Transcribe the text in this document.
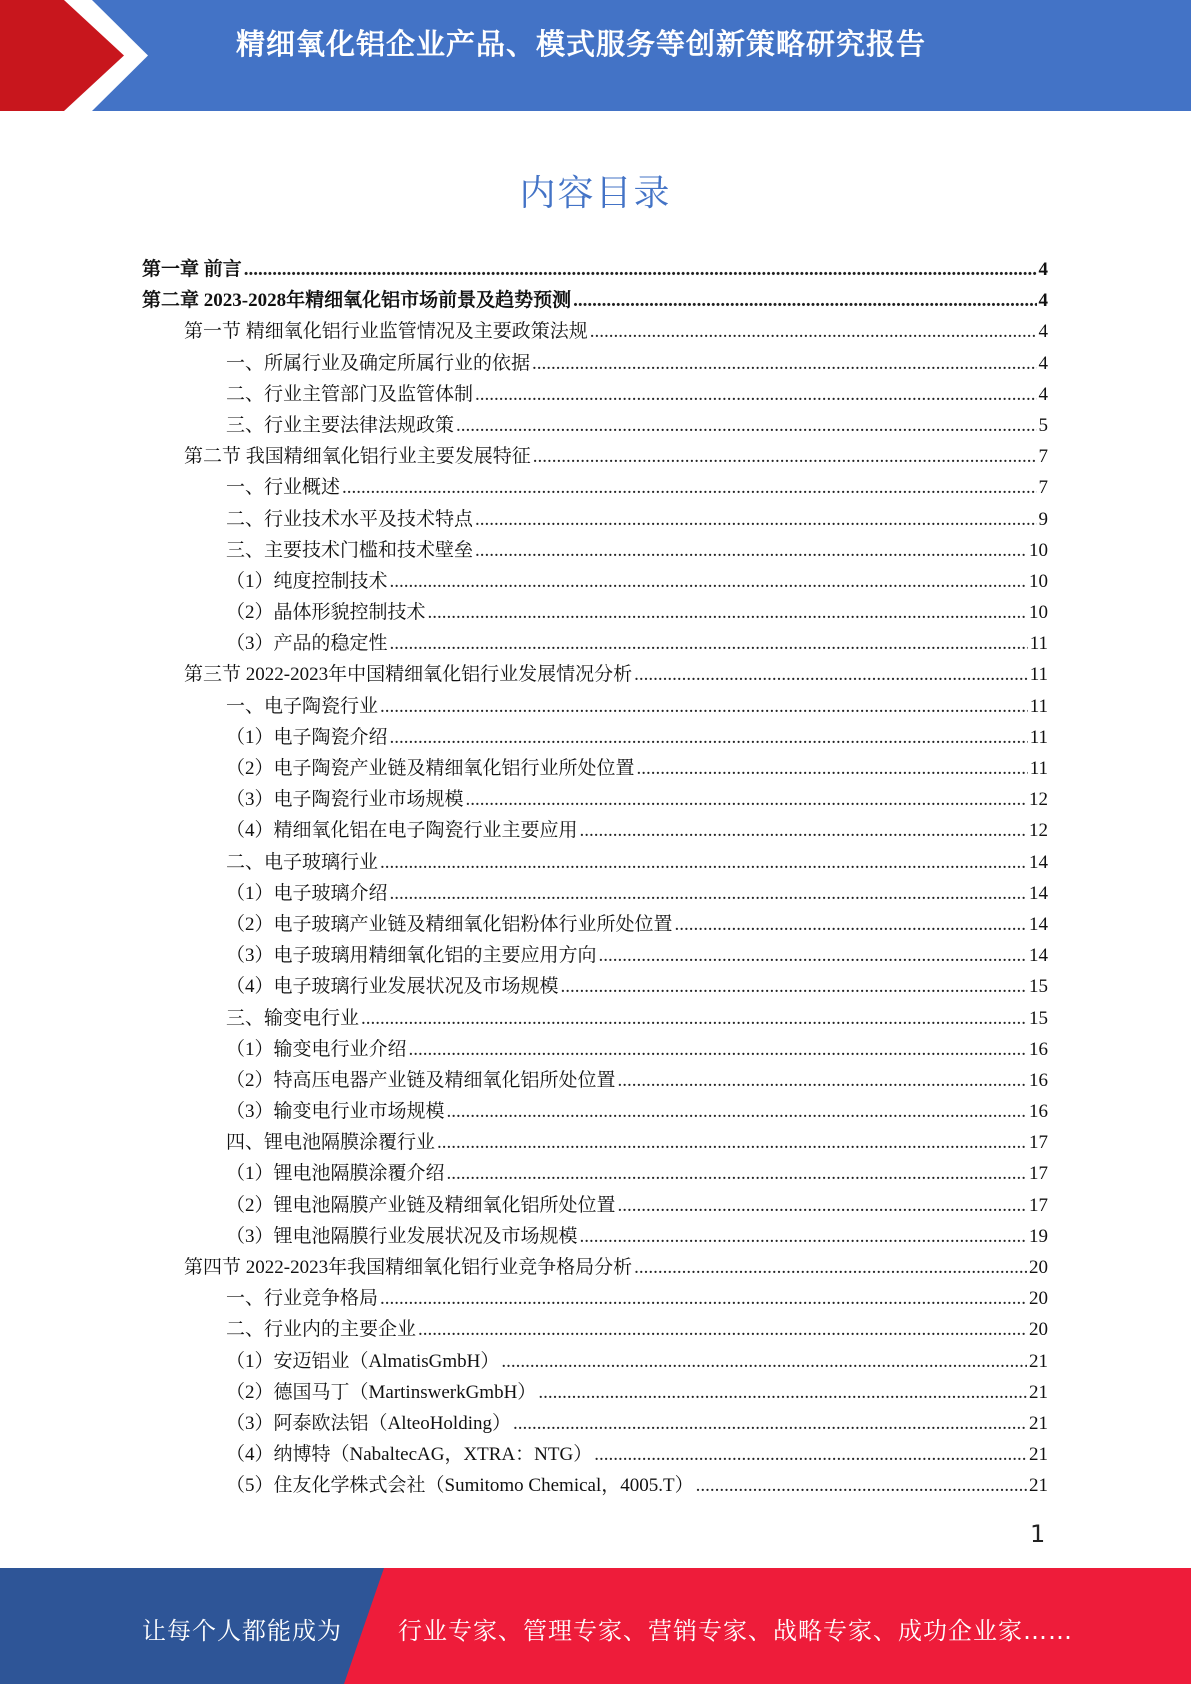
精细氧化铝企业产品、模式服务等创新策略研究报告
内容目录
第一章 前言 .....	4
第二章 2023-2028年精细氧化铝市场前景及趋势预测 .....	4
第一节 精细氧化铝行业监管情况及主要政策法规 .....	4
一、所属行业及确定所属行业的依据 .....	4
二、行业主管部门及监管体制 .....	4
三、行业主要法律法规政策 .....	5
第二节 我国精细氧化铝行业主要发展特征 .....	7
一、行业概述 .....	7
二、行业技术水平及技术特点 .....	9
三、主要技术门槛和技术壁垒 .....	10
（1）纯度控制技术 .....	10
（2）晶体形貌控制技术 .....	10
（3）产品的稳定性 .....	11
第三节 2022-2023年中国精细氧化铝行业发展情况分析 .....	11
一、电子陶瓷行业 .....	11
（1）电子陶瓷介绍 .....	11
（2）电子陶瓷产业链及精细氧化铝行业所处位置 .....	11
（3）电子陶瓷行业市场规模 .....	12
（4）精细氧化铝在电子陶瓷行业主要应用 .....	12
二、电子玻璃行业 .....	14
（1）电子玻璃介绍 .....	14
（2）电子玻璃产业链及精细氧化铝粉体行业所处位置 .....	14
（3）电子玻璃用精细氧化铝的主要应用方向 .....	14
（4）电子玻璃行业发展状况及市场规模 .....	15
三、输变电行业 .....	15
（1）输变电行业介绍 .....	16
（2）特高压电器产业链及精细氧化铝所处位置 .....	16
（3）输变电行业市场规模 .....	16
四、锂电池隔膜涂覆行业 .....	17
（1）锂电池隔膜涂覆介绍 .....	17
（2）锂电池隔膜产业链及精细氧化铝所处位置 .....	17
（3）锂电池隔膜行业发展状况及市场规模 .....	19
第四节 2022-2023年我国精细氧化铝行业竞争格局分析 .....	20
一、行业竞争格局 .....	20
二、行业内的主要企业 .....	20
（1）安迈铝业（AlmatisGmbH） .....	21
（2）德国马丁（MartinswerkGmbH） .....	21
（3）阿泰欧法铝（AlteoHolding） .....	21
（4）纳博特（NabaltecAG，XTRA：NTG） .....	21
（5）住友化学株式会社（Sumitomo Chemical，4005.T） .....	21
1
让每个人都能成为 行业专家、管理专家、营销专家、战略专家、成功企业家……
